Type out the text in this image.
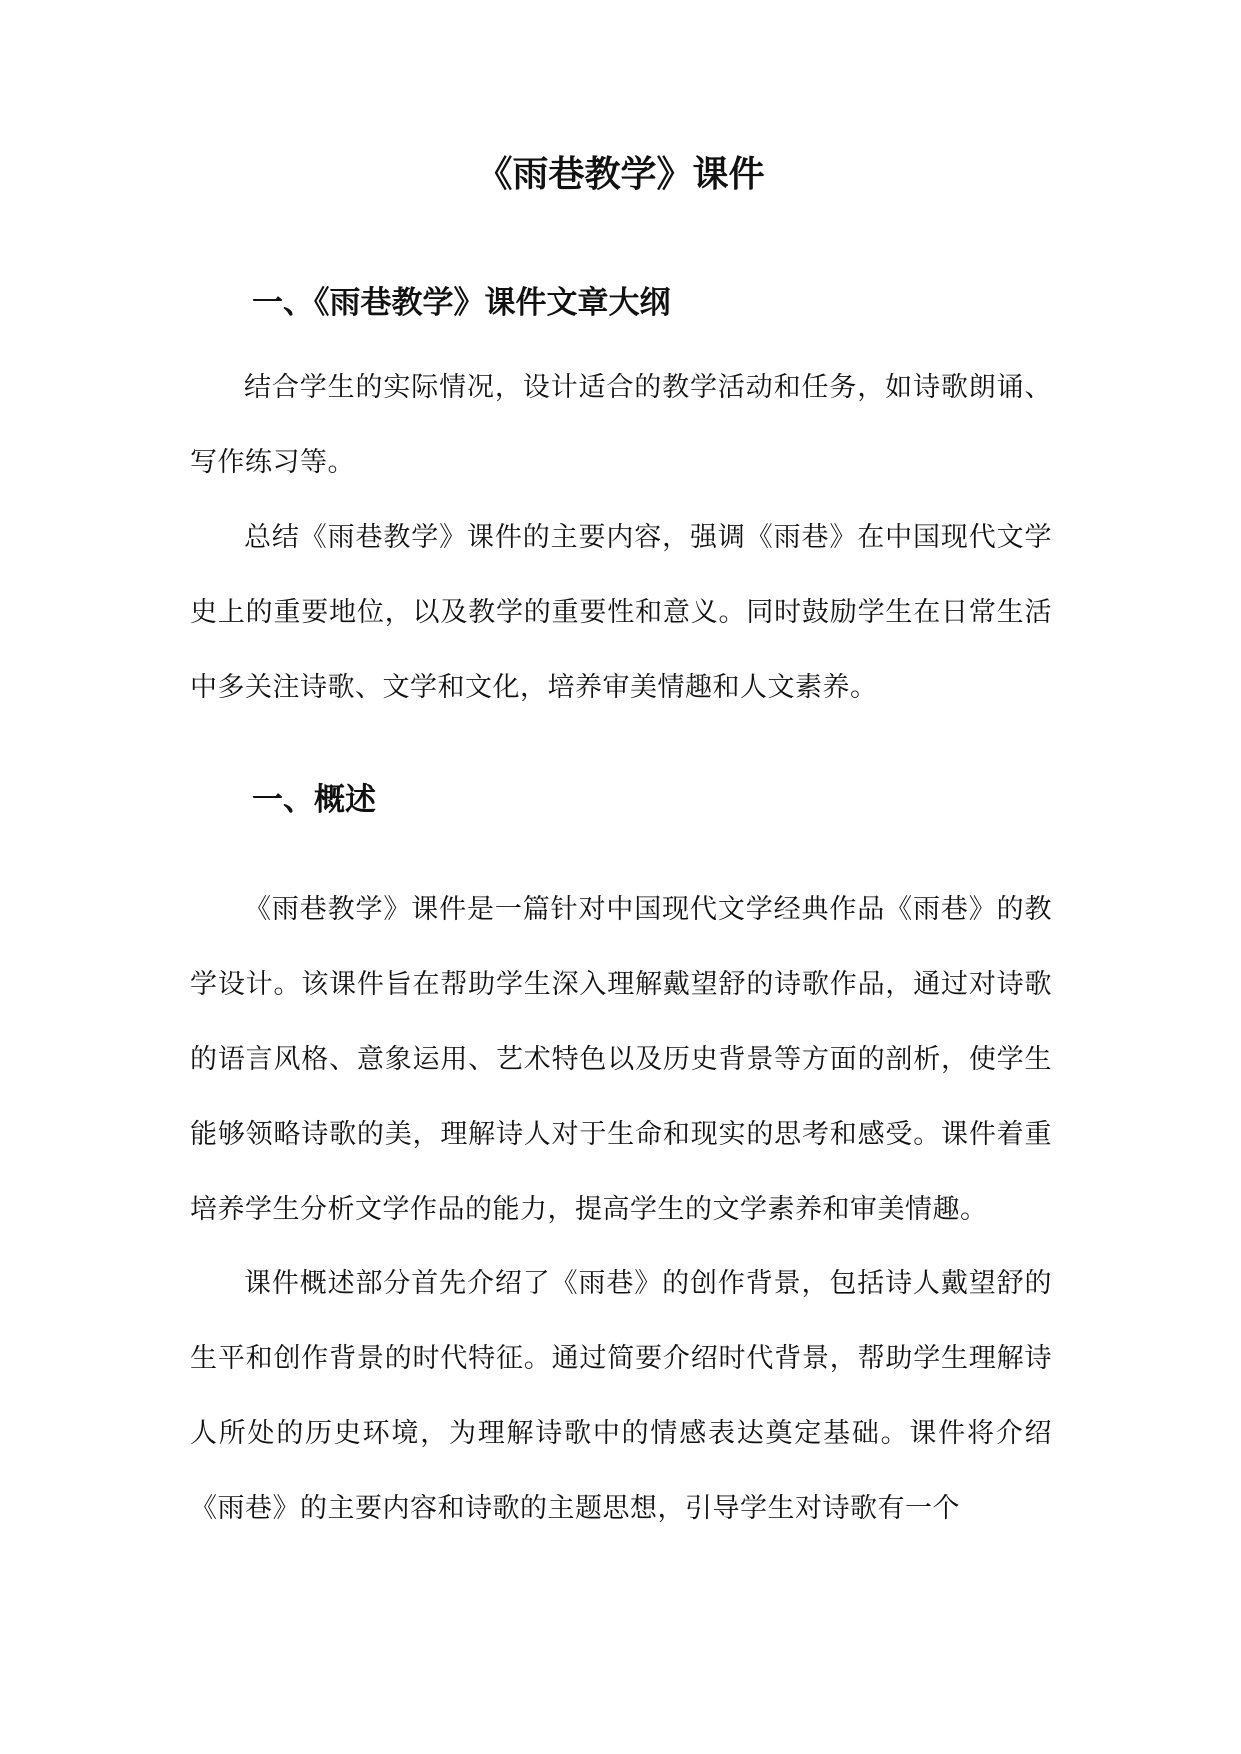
《雨巷教学》课件
一、《雨巷教学》课件文章大纲

结合学生的实际情况，设计适合的教学活动和任务，如诗歌朗诵、写作练习等。

总结《雨巷教学》课件的主要内容，强调《雨巷》在中国现代文学史上的重要地位，以及教学的重要性和意义。同时鼓励学生在日常生活中多关注诗歌、文学和文化，培养审美情趣和人文素养。

一、概述

《雨巷教学》课件是一篇针对中国现代文学经典作品《雨巷》的教学设计。该课件旨在帮助学生深入理解戴望舒的诗歌作品，通过对诗歌的语言风格、意象运用、艺术特色以及历史背景等方面的剖析，使学生能够领略诗歌的美，理解诗人对于生命和现实的思考和感受。课件着重培养学生分析文学作品的能力，提高学生的文学素养和审美情趣。

课件概述部分首先介绍了《雨巷》的创作背景，包括诗人戴望舒的生平和创作背景的时代特征。通过简要介绍时代背景，帮助学生理解诗人所处的历史环境，为理解诗歌中的情感表达奠定基础。课件将介绍《雨巷》的主要内容和诗歌的主题思想，引导学生对诗歌有一个
